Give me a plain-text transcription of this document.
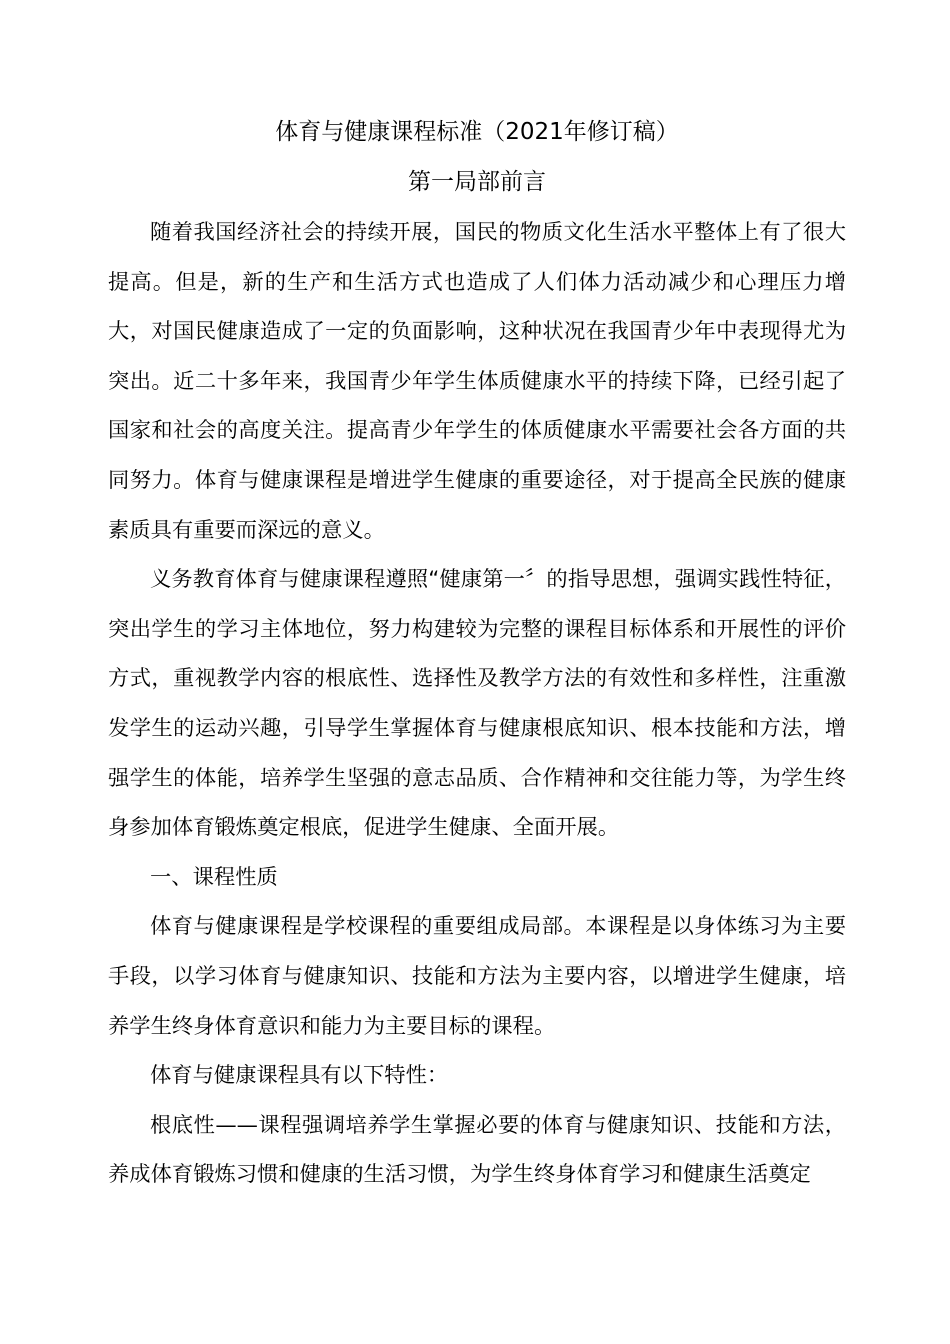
体育与健康课程标准（2021年修订稿）
第一局部前言

随着我国经济社会的持续开展，国民的物质文化生活水平整体上有了很大提高。但是，新的生产和生活方式也造成了人们体力活动减少和心理压力增大，对国民健康造成了一定的负面影响，这种状况在我国青少年中表现得尤为突出。近二十多年来，我国青少年学生体质健康水平的持续下降，已经引起了国家和社会的高度关注。提高青少年学生的体质健康水平需要社会各方面的共同努力。体育与健康课程是增进学生健康的重要途径，对于提高全民族的健康素质具有重要而深远的意义。

义务教育体育与健康课程遵照“健康第一〞的指导思想，强调实践性特征，突出学生的学习主体地位，努力构建较为完整的课程目标体系和开展性的评价方式，重视教学内容的根底性、选择性及教学方法的有效性和多样性，注重激发学生的运动兴趣，引导学生掌握体育与健康根底知识、根本技能和方法，增强学生的体能，培养学生坚强的意志品质、合作精神和交往能力等，为学生终身参加体育锻炼奠定根底，促进学生健康、全面开展。

一、课程性质

体育与健康课程是学校课程的重要组成局部。本课程是以身体练习为主要手段，以学习体育与健康知识、技能和方法为主要内容，以增进学生健康，培养学生终身体育意识和能力为主要目标的课程。

体育与健康课程具有以下特性：

根底性——课程强调培养学生掌握必要的体育与健康知识、技能和方法，养成体育锻炼习惯和健康的生活习惯，为学生终身体育学习和健康生活奠定
